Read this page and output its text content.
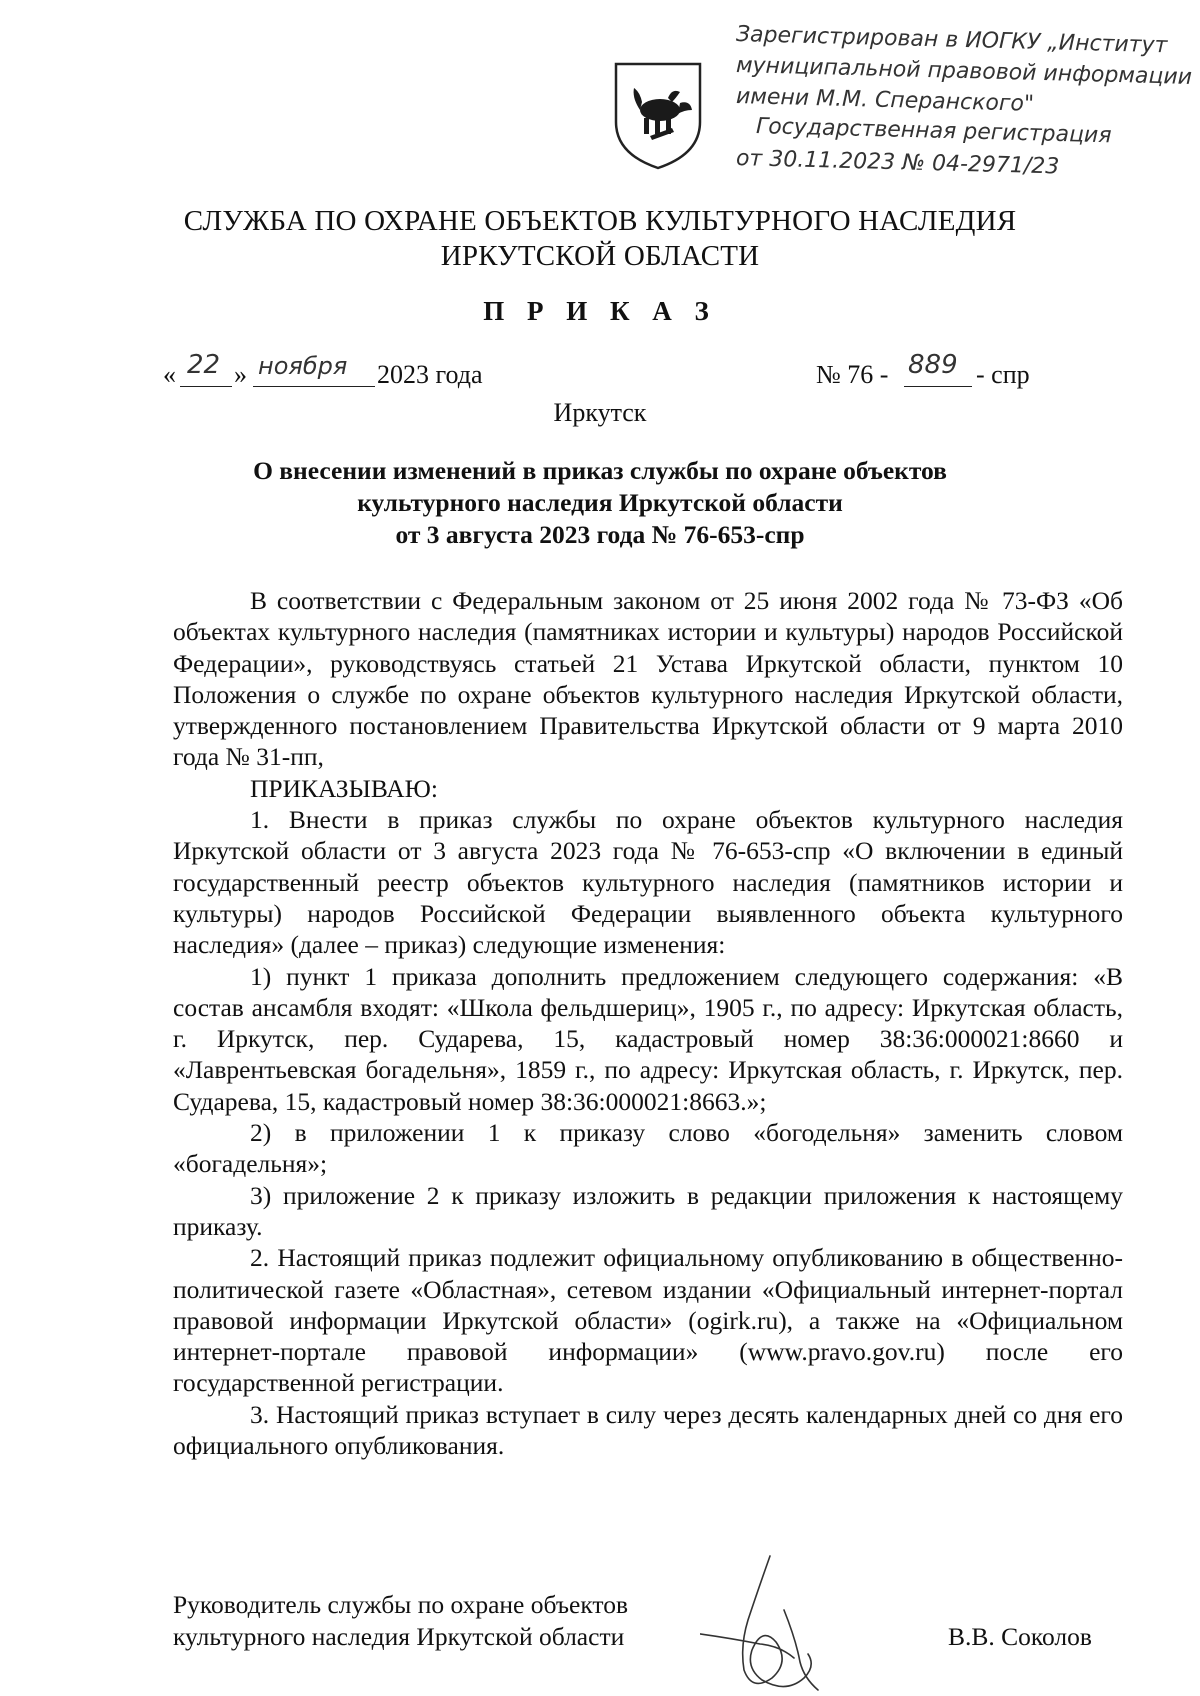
Зарегистрирован в ИОГКУ „Институт
муниципальной правовой информации
имени М.М. Сперанского"
Государственная регистрация
от 30.11.2023 № 04-2971/23
СЛУЖБА ПО ОХРАНЕ ОБЪЕКТОВ КУЛЬТУРНОГО НАСЛЕДИЯ
ИРКУТСКОЙ ОБЛАСТИ
П Р И К А З
« 22 » ноября 2023 года	№ 76 - 889 - спр
Иркутск
О внесении изменений в приказ службы по охране объектов
культурного наследия Иркутской области
от 3 августа 2023 года № 76-653-спр

В соответствии с Федеральным законом от 25 июня 2002 года № 73-ФЗ «Об объектах культурного наследия (памятниках истории и культуры) народов Российской Федерации», руководствуясь статьей 21 Устава Иркутской области, пунктом 10 Положения о службе по охране объектов культурного наследия Иркутской области, утвержденного постановлением Правительства Иркутской области от 9 марта 2010 года № 31-пп,

ПРИКАЗЫВАЮ:

1. Внести в приказ службы по охране объектов культурного наследия Иркутской области от 3 августа 2023 года № 76-653-спр «О включении в единый государственный реестр объектов культурного наследия (памятников истории и культуры) народов Российской Федерации выявленного объекта культурного наследия» (далее – приказ) следующие изменения:

1) пункт 1 приказа дополнить предложением следующего содержания: «В состав ансамбля входят: «Школа фельдшериц», 1905 г., по адресу: Иркутская область, г. Иркутск, пер. Сударева, 15, кадастровый номер 38:36:000021:8660 и «Лаврентьевская богадельня», 1859 г., по адресу: Иркутская область, г. Иркутск, пер. Сударева, 15, кадастровый номер 38:36:000021:8663.»;

2) в приложении 1 к приказу слово «богодельня» заменить словом «богадельня»;

3) приложение 2 к приказу изложить в редакции приложения к настоящему приказу.

2. Настоящий приказ подлежит официальному опубликованию в общественно-политической газете «Областная», сетевом издании «Официальный интернет-портал правовой информации Иркутской области» (ogirk.ru), а также на «Официальном интернет-портале правовой информации» (www.pravo.gov.ru) после его государственной регистрации.

3. Настоящий приказ вступает в силу через десять календарных дней со дня его официального опубликования.

Руководитель службы по охране объектов
культурного наследия Иркутской области	В.В. Соколов
